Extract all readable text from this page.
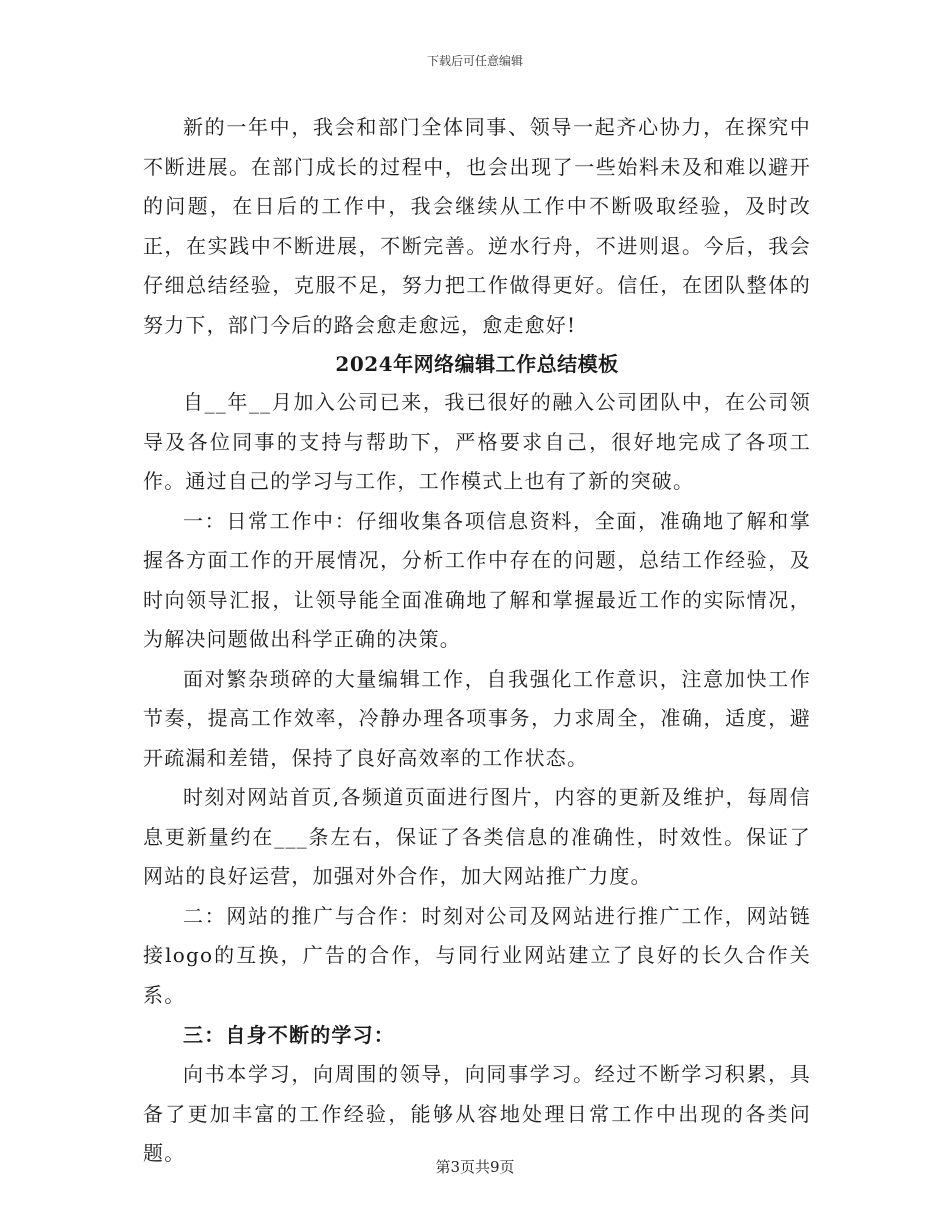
下载后可任意编辑

新的一年中，我会和部门全体同事、领导一起齐心协力，在探究中不断进展。在部门成长的过程中，也会出现了一些始料未及和难以避开的问题，在日后的工作中，我会继续从工作中不断吸取经验，及时改正，在实践中不断进展，不断完善。逆水行舟，不进则退。今后，我会仔细总结经验，克服不足，努力把工作做得更好。信任，在团队整体的努力下，部门今后的路会愈走愈远，愈走愈好!

2024年网络编辑工作总结模板

自__年__月加入公司已来，我已很好的融入公司团队中，在公司领导及各位同事的支持与帮助下，严格要求自己，很好地完成了各项工作。通过自己的学习与工作，工作模式上也有了新的突破。

一：日常工作中：仔细收集各项信息资料，全面，准确地了解和掌握各方面工作的开展情况，分析工作中存在的问题，总结工作经验，及时向领导汇报，让领导能全面准确地了解和掌握最近工作的实际情况，为解决问题做出科学正确的决策。

面对繁杂琐碎的大量编辑工作，自我强化工作意识，注意加快工作节奏，提高工作效率，冷静办理各项事务，力求周全，准确，适度，避开疏漏和差错，保持了良好高效率的工作状态。

时刻对网站首页,各频道页面进行图片，内容的更新及维护，每周信息更新量约在___条左右，保证了各类信息的准确性，时效性。保证了网站的良好运营，加强对外合作，加大网站推广力度。

二：网站的推广与合作：时刻对公司及网站进行推广工作，网站链接logo的互换，广告的合作，与同行业网站建立了良好的长久合作关系。

三：自身不断的学习：

向书本学习，向周围的领导，向同事学习。经过不断学习积累，具备了更加丰富的工作经验，能够从容地处理日常工作中出现的各类问题。

第3页共9页
